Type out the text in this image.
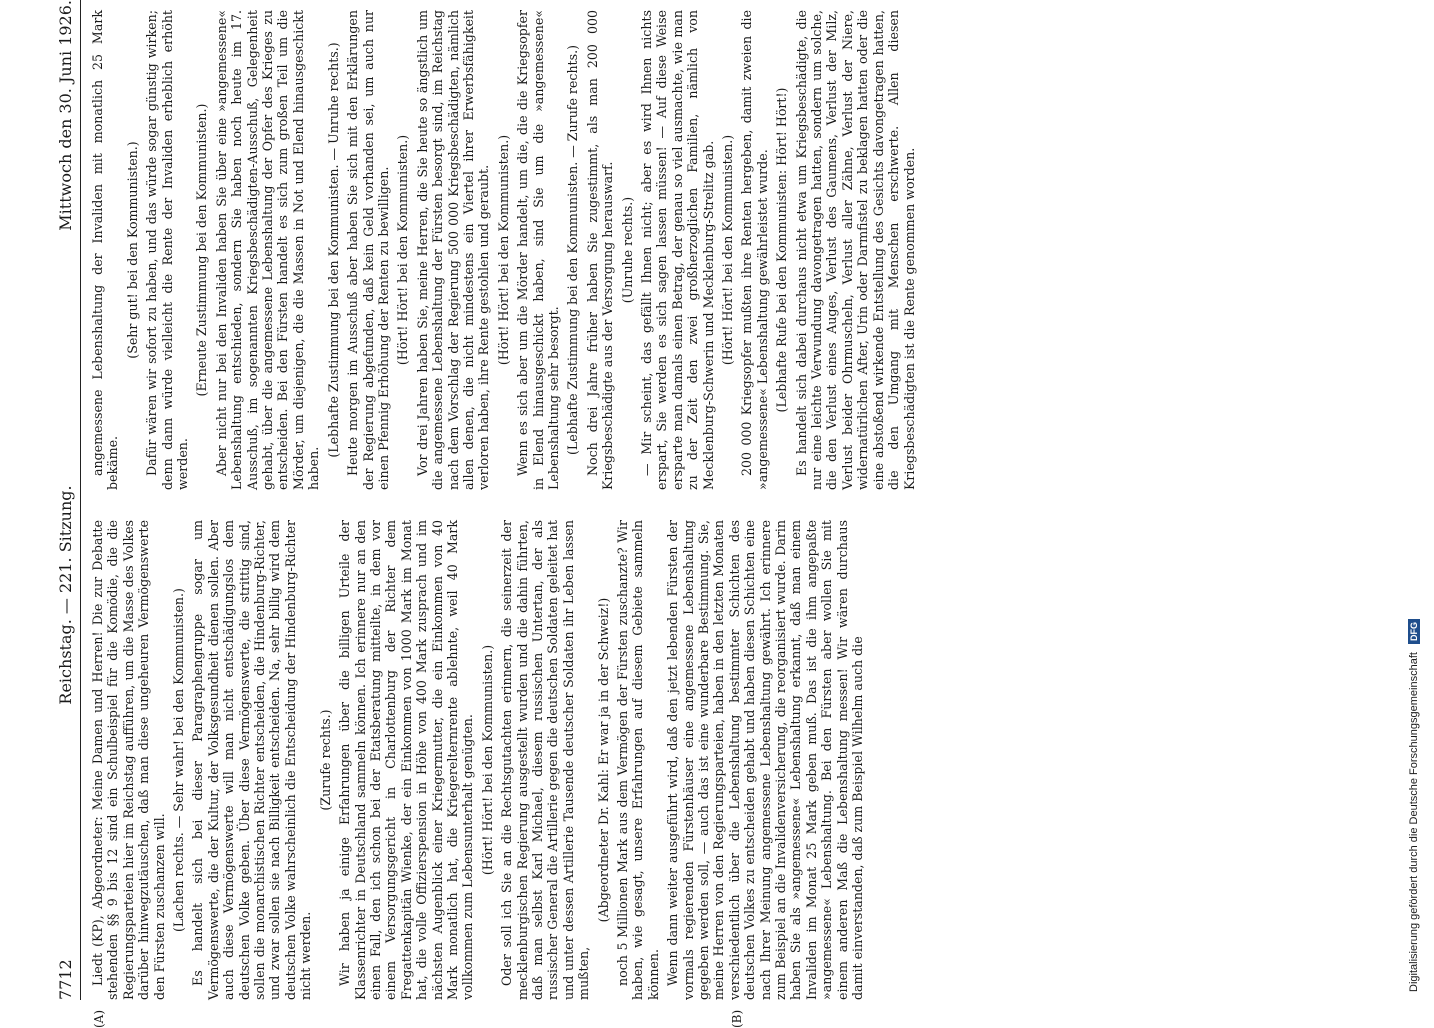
7712
Reichstag. — 221. Sitzung.
Mittwoch den 30. Juni 1926.
(A)	(B)

Liedt (KP), Abgeordneter: Meine Damen und Herren! Die zur Debatte stehenden §§ 9 bis 12 sind ein Schulbeispiel für die Komödie, die die Regierungsparteien hier im Reichstag aufführen, um die Masse des Volkes darüber hinwegzutäuschen, daß man diese ungeheuren Vermögenswerte den Fürsten zuschanzen will. (Lachen rechts. — Sehr wahr! bei den Kommunisten.) Es handelt sich bei dieser Paragraphengruppe sogar um Vermögenswerte, die der Kultur, der Volksgesundheit dienen sollen. Aber auch diese Vermögenswerte will man nicht entschädigungslos dem deutschen Volke geben. Über diese Vermögenswerte, die strittig sind, sollen die monarchistischen Richter entscheiden, die Hindenburg-Richter, und zwar sollen sie nach Billigkeit entscheiden. Na, sehr billig wird dem deutschen Volke wahrscheinlich die Entscheidung der Hindenburg-Richter nicht werden.

(Zurufe rechts.) Wir haben ja einige Erfahrungen über die billigen Urteile der Klassenrichter in Deutschland sammeln können. Ich erinnere nur an den einen Fall, den ich schon bei der Etatsberatung mitteilte, in dem vor einem Versorgungsgericht in Charlottenburg der Richter dem Fregattenkapitän Wienke, der ein Einkommen von 1000 Mark im Monat hat, die volle Offizierspension in Höhe von 400 Mark zusprach und im nächsten Augenblick einer Kriegermutter, die ein Einkommen von 40 Mark monatlich hat, die Kriegerelternrente ablehnte, weil 40 Mark vollkommen zum Lebensunterhalt genügten. (Hört! Hört! bei den Kommunisten.) Oder soll ich Sie an die Rechtsgutachten erinnern, die seinerzeit der mecklenburgischen Regierung ausgestellt wurden und die dahin führten, daß man selbst Karl Michael, diesem russischen Untertan, der als russischer General die Artillerie gegen die deutschen Soldaten geleitet hat und unter dessen Artillerie Tausende deutscher Soldaten ihr Leben lassen mußten,

(Abgeordneter Dr. Kahl: Er war ja in der Schweiz!) noch 5 Millionen Mark aus dem Vermögen der Fürsten zuschanzte? Wir haben, wie gesagt, unsere Erfahrungen auf diesem Gebiete sammeln können. Wenn dann weiter ausgeführt wird, daß den jetzt lebenden Fürsten der vormals regierenden Fürstenhäuser eine angemessene Lebenshaltung gegeben werden soll, — auch das ist eine wunderbare Bestimmung. Sie, meine Herren von den Regierungsparteien, haben in den letzten Monaten verschiedentlich über die Lebenshaltung bestimmter Schichten des deutschen Volkes zu entscheiden gehabt und haben diesen Schichten eine nach Ihrer Meinung angemessene Lebenshaltung gewährt. Ich erinnere zum Beispiel an die Invalidenversicherung, die reorganisiert wurde. Darin haben Sie als »angemessene« Lebenshaltung erkannt, daß man einem Invaliden im Monat 25 Mark geben muß. Das ist die ihm angepaßte »angemessene« Lebenshaltung. Bei den Fürsten aber wollen Sie mit einem anderen Maß die Lebenshaltung messen! Wir wären durchaus damit einverstanden, daß zum Beispiel Wilhelm auch die

angemessene Lebenshaltung der Invaliden mit monatlich 25 Mark bekäme.

(Sehr gut! bei den Kommunisten.) Dafür wären wir sofort zu haben, und das würde sogar günstig wirken; denn dann würde vielleicht die Rente der Invaliden erheblich erhöht werden.

(Erneute Zustimmung bei den Kommunisten.) Aber nicht nur bei den Invaliden haben Sie über eine »angemessene« Lebenshaltung entschieden, sondern Sie haben noch heute im 17. Ausschuß, im sogenannten Kriegsbeschädigten-Ausschuß, Gelegenheit gehabt, über die angemessene Lebenshaltung der Opfer des Krieges zu entscheiden. Bei den Fürsten handelt es sich zum großen Teil um die Mörder, um diejenigen, die die Massen in Not und Elend hinausgeschickt haben.

(Lebhafte Zustimmung bei den Kommunisten. — Unruhe rechts.) Heute morgen im Ausschuß aber haben Sie sich mit den Erklärungen der Regierung abgefunden, daß kein Geld vorhanden sei, um auch nur einen Pfennig Erhöhung der Renten zu bewilligen. (Hört! Hört! bei den Kommunisten.) Vor drei Jahren haben Sie, meine Herren, die Sie heute so ängstlich um die angemessene Lebenshaltung der Fürsten besorgt sind, im Reichstag nach dem Vorschlag der Regierung 500 000 Kriegsbeschädigten, nämlich allen denen, die nicht mindestens ein Viertel ihrer Erwerbsfähigkeit verloren haben, ihre Rente gestohlen und geraubt. (Hört! Hört! bei den Kommunisten.) Wenn es sich aber um die Mörder handelt, um die, die die Kriegsopfer in Elend hinausgeschickt haben, sind Sie um die »angemessene« Lebenshaltung sehr besorgt. (Lebhafte Zustimmung bei den Kommunisten. — Zurufe rechts.) Noch drei Jahre früher haben Sie zugestimmt, als man 200 000 Kriegsbeschädigte aus der Versorgung herauswarf. (Unruhe rechts.) — Mir scheint, das gefällt Ihnen nicht; aber es wird Ihnen nichts erspart, Sie werden es sich sagen lassen müssen! — Auf diese Weise ersparte man damals einen Betrag, der genau so viel ausmachte, wie man zu der Zeit den zwei großherzoglichen Familien, nämlich von Mecklenburg-Schwerin und Mecklenburg-Strelitz gab. (Hört! Hört! bei den Kommunisten.) 200 000 Kriegsopfer mußten ihre Renten hergeben, damit zweien die »angemessene« Lebenshaltung gewährleistet wurde. (Lebhafte Rufe bei den Kommunisten: Hört! Hört!) Es handelt sich dabei durchaus nicht etwa um Kriegsbeschädigte, die nur eine leichte Verwundung davongetragen hatten, sondern um solche, die den Verlust eines Auges, Verlust des Gaumens, Verlust der Milz, Verlust beider Ohrmuscheln, Verlust aller Zähne, Verlust der Niere, widernatürlichen After, Urin oder Darmfistel zu beklagen hatten oder die eine abstoßend wirkende Entstellung des Gesichts davongetragen hatten, die den Umgang mit Menschen erschwerte. Allen diesen Kriegsbeschädigten ist die Rente genommen worden.

Digitalisierung gefördert durch die Deutsche Forschungsgemeinschaft
DFG
